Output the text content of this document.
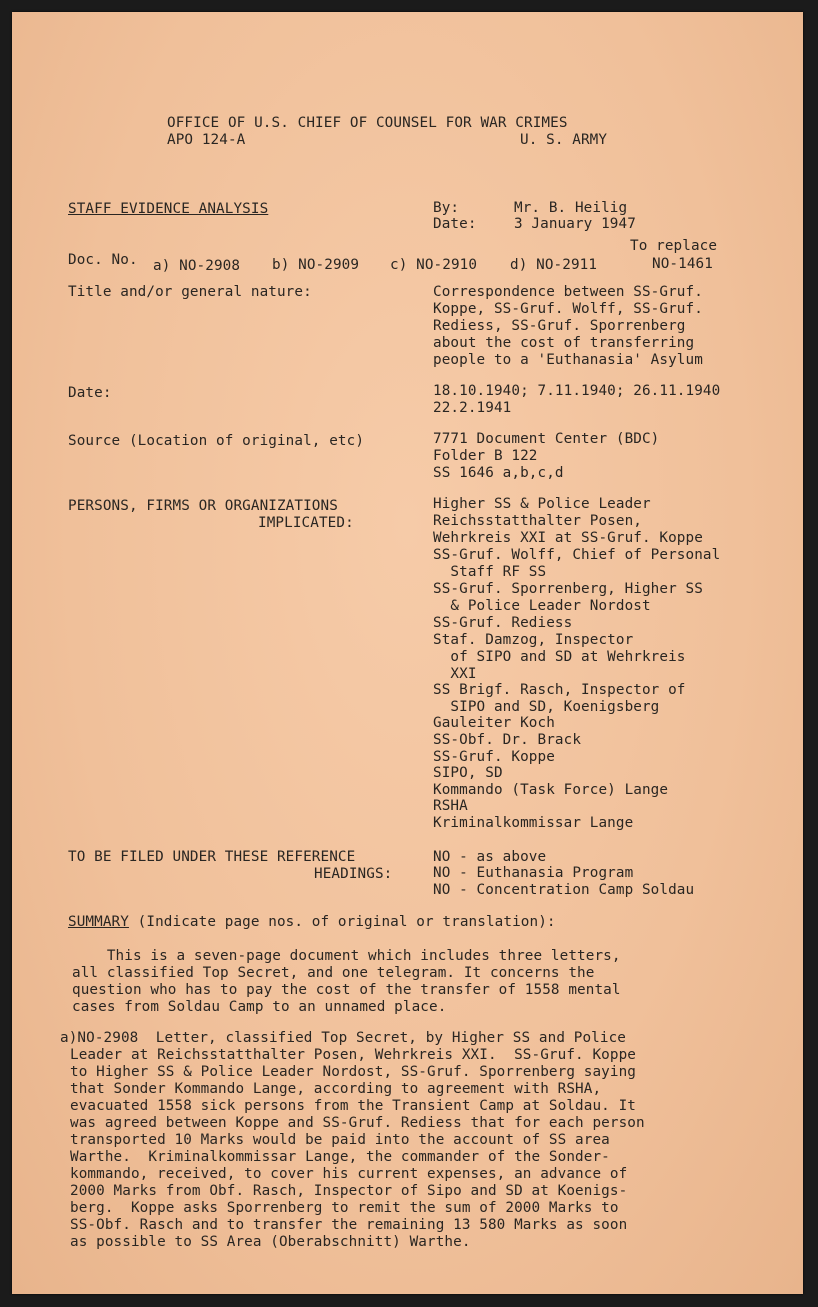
OFFICE OF U.S. CHIEF OF COUNSEL FOR WAR CRIMES
APO 124-A	U. S. ARMY
STAFF EVIDENCE ANALYSIS	By:	Mr. B. Heilig
Date:	3 January 1947
To replace
Doc. No. a) NO-2908 b) NO-2909 c) NO-2910 d) NO-2911	NO-1461
Title and/or general nature:	Correspondence between SS-Gruf.
Koppe, SS-Gruf. Wolff, SS-Gruf.
Rediess, SS-Gruf. Sporrenberg
about the cost of transferring
people to a 'Euthanasia' Asylum
Date:	18.10.1940; 7.11.1940; 26.11.1940
22.2.1941
Source (Location of original, etc)	7771 Document Center (BDC)
Folder B 122
SS 1646 a,b,c,d
PERSONS, FIRMS OR ORGANIZATIONS
IMPLICATED:
Higher SS & Police Leader
Reichsstatthalter Posen,
Wehrkreis XXI at SS-Gruf. Koppe
SS-Gruf. Wolff, Chief of Personal
Staff RF SS
SS-Gruf. Sporrenberg, Higher SS
& Police Leader Nordost
SS-Gruf. Rediess
Staf. Damzog, Inspector
of SIPO and SD at Wehrkreis
XXI
SS Brigf. Rasch, Inspector of
SIPO and SD, Koenigsberg
Gauleiter Koch
SS-Obf. Dr. Brack
SS-Gruf. Koppe
SIPO, SD
Kommando (Task Force) Lange
RSHA
Kriminalkommissar Lange
TO BE FILED UNDER THESE REFERENCE
HEADINGS:
NO - as above
NO - Euthanasia Program
NO - Concentration Camp Soldau
SUMMARY (Indicate page nos. of original or translation):
This is a seven-page document which includes three letters,
all classified Top Secret, and one telegram. It concerns the
question who has to pay the cost of the transfer of 1558 mental
cases from Soldau Camp to an unnamed place.
a)NO-2908  Letter, classified Top Secret, by Higher SS and Police
Leader at Reichsstatthalter Posen, Wehrkreis XXI.  SS-Gruf. Koppe
to Higher SS & Police Leader Nordost, SS-Gruf. Sporrenberg saying
that Sonder Kommando Lange, according to agreement with RSHA,
evacuated 1558 sick persons from the Transient Camp at Soldau. It
was agreed between Koppe and SS-Gruf. Rediess that for each person
transported 10 Marks would be paid into the account of SS area
Warthe.  Kriminalkommissar Lange, the commander of the Sonder-
kommando, received, to cover his current expenses, an advance of
2000 Marks from Obf. Rasch, Inspector of Sipo and SD at Koenigs-
berg.  Koppe asks Sporrenberg to remit the sum of 2000 Marks to
SS-Obf. Rasch and to transfer the remaining 13 580 Marks as soon
as possible to SS Area (Oberabschnitt) Warthe.
